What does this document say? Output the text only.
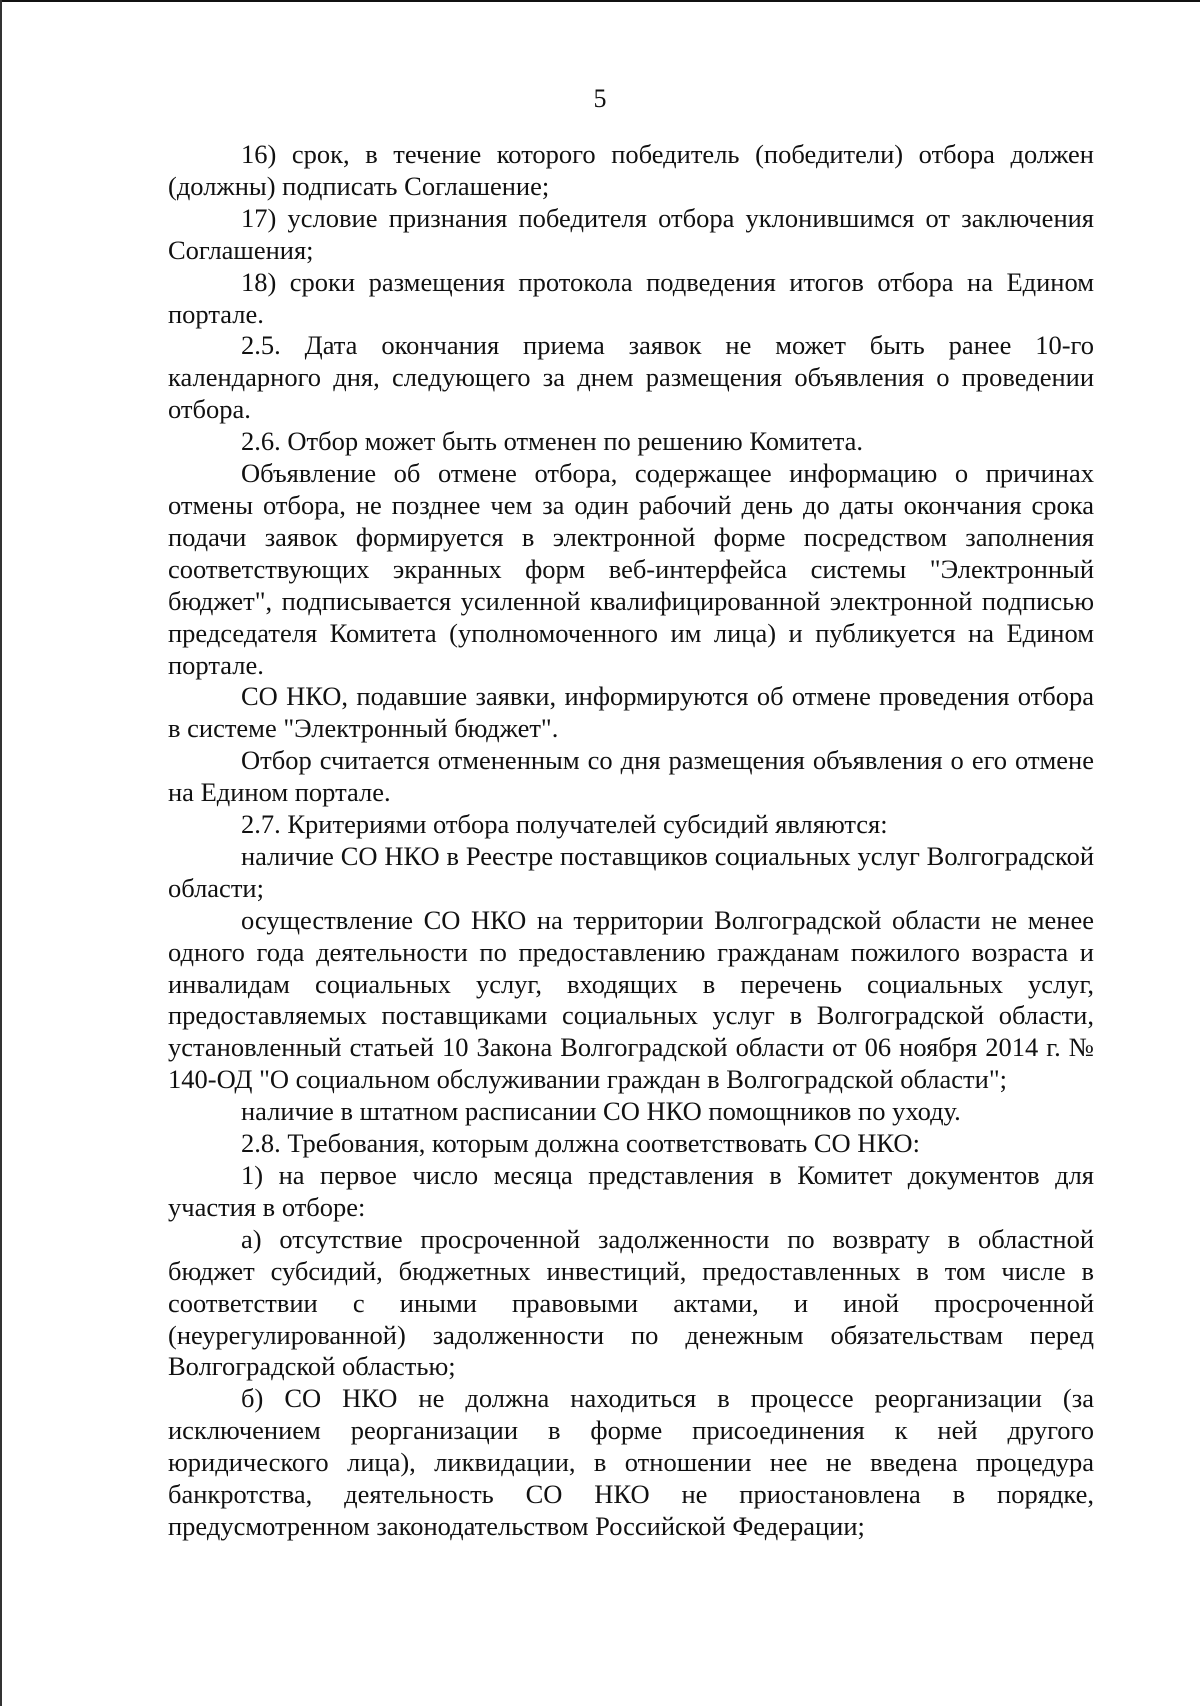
5

16) срок, в течение которого победитель (победители) отбора должен (должны) подписать Соглашение;

17) условие признания победителя отбора уклонившимся от заключения Соглашения;

18) сроки размещения протокола подведения итогов отбора на Едином портале.

2.5. Дата окончания приема заявок не может быть ранее 10-го календарного дня, следующего за днем размещения объявления о проведении отбора.

2.6. Отбор может быть отменен по решению Комитета.

Объявление об отмене отбора, содержащее информацию о причинах отмены отбора, не позднее чем за один рабочий день до даты окончания срока подачи заявок формируется в электронной форме посредством заполнения соответствующих экранных форм веб-интерфейса системы "Электронный бюджет", подписывается усиленной квалифицированной электронной подписью председателя Комитета (уполномоченного им лица) и публикуется на Едином портале.

СО НКО, подавшие заявки, информируются об отмене проведения отбора в системе "Электронный бюджет".

Отбор считается отмененным со дня размещения объявления о его отмене на Едином портале.

2.7. Критериями отбора получателей субсидий являются:

наличие СО НКО в Реестре поставщиков социальных услуг Волгоградской области;

осуществление СО НКО на территории Волгоградской области не менее одного года деятельности по предоставлению гражданам пожилого возраста и инвалидам социальных услуг, входящих в перечень социальных услуг, предоставляемых поставщиками социальных услуг в Волгоградской области, установленный статьей 10 Закона Волгоградской области от 06 ноября 2014 г. № 140-ОД "О социальном обслуживании граждан в Волгоградской области";

наличие в штатном расписании СО НКО помощников по уходу.

2.8. Требования, которым должна соответствовать СО НКО:

1) на первое число месяца представления в Комитет документов для участия в отборе:

а) отсутствие просроченной задолженности по возврату в областной бюджет субсидий, бюджетных инвестиций, предоставленных в том числе в соответствии с иными правовыми актами, и иной просроченной (неурегулированной) задолженности по денежным обязательствам перед Волгоградской областью;

б) СО НКО не должна находиться в процессе реорганизации (за исключением реорганизации в форме присоединения к ней другого юридического лица), ликвидации, в отношении нее не введена процедура банкротства, деятельность СО НКО не приостановлена в порядке, предусмотренном законодательством Российской Федерации;
